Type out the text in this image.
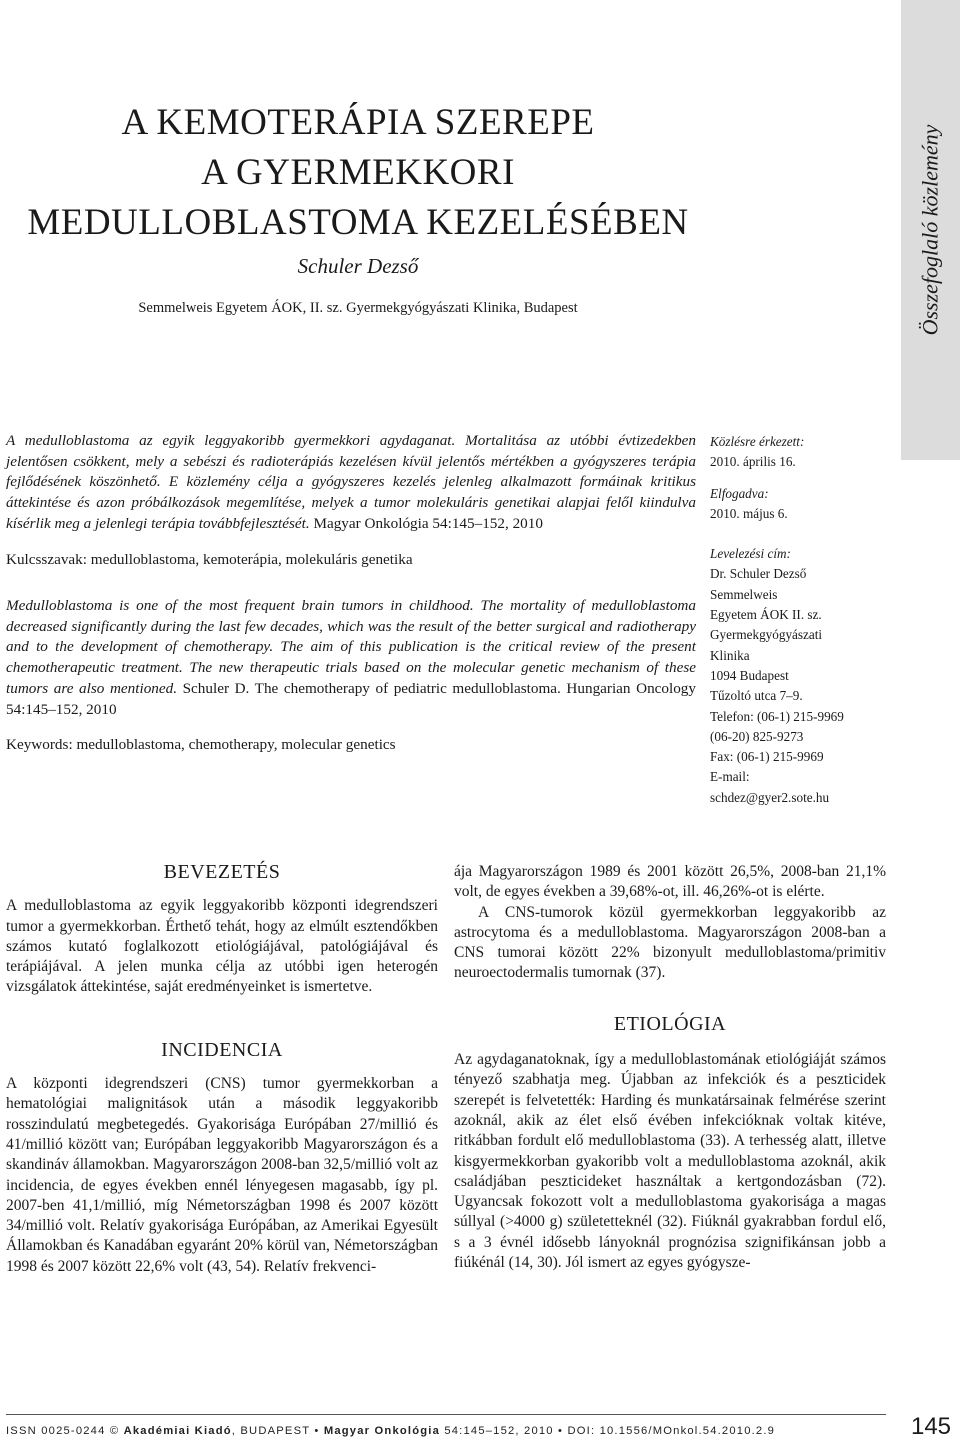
Összefoglaló közlemény
A KEMOTERÁPIA SZEREPE
A GYERMEKKORI
MEDULLOBLASTOMA KEZELÉSÉBEN
Schuler Dezső
Semmelweis Egyetem ÁOK, II. sz. Gyermekgyógyászati Klinika, Budapest
A medulloblastoma az egyik leggyakoribb gyermekkori agydaganat. Mortalitása az utóbbi évtizedekben jelentősen csökkent, mely a sebészi és radioterápiás kezelésen kívül jelentős mértékben a gyógyszeres terápia fejlődésének köszönhető. E közlemény célja a gyógyszeres kezelés jelenleg alkalmazott formáinak kritikus áttekintése és azon próbálkozások megemlítése, melyek a tumor molekuláris genetikai alapjai felől kiindulva kísérlik meg a jelenlegi terápia továbbfejlesztését. Magyar Onkológia 54:145–152, 2010
Kulcsszavak: medulloblastoma, kemoterápia, molekuláris genetika
Medulloblastoma is one of the most frequent brain tumors in childhood. The mortality of medulloblastoma decreased significantly during the last few decades, which was the result of the better surgical and radiotherapy and to the development of chemotherapy. The aim of this publication is the critical review of the present chemotherapeutic treatment. The new therapeutic trials based on the molecular genetic mechanism of these tumors are also mentioned. Schuler D. The chemotherapy of pediatric medulloblastoma. Hungarian Oncology 54:145–152, 2010
Keywords: medulloblastoma, chemotherapy, molecular genetics
Közlésre érkezett:
2010. április 16.
Elfogadva:
2010. május 6.
Levelezési cím:
Dr. Schuler Dezső
Semmelweis
Egyetem ÁOK II. sz.
Gyermekgyógyászati
Klinika
1094 Budapest
Tűzoltó utca 7–9.
Telefon: (06-1) 215-9969
(06-20) 825-9273
Fax: (06-1) 215-9969
E-mail:
schdez@gyer2.sote.hu
BEVEZETÉS

A medulloblastoma az egyik leggyakoribb központi idegrendszeri tumor a gyermekkorban. Érthető tehát, hogy az elmúlt esztendőkben számos kutató foglalkozott etiológiájával, patológiájával és terápiájával. A jelen munka célja az utóbbi igen heterogén vizsgálatok áttekintése, saját eredményeinket is ismertetve.

INCIDENCIA

A központi idegrendszeri (CNS) tumor gyermekkorban a hematológiai malignitások után a második leggyakoribb rosszindulatú megbetegedés. Gyakorisága Európában 27/millió és 41/millió között van; Európában leggyakoribb Magyarországon és a skandináv államokban. Magyarországon 2008-ban 32,5/millió volt az incidencia, de egyes években ennél lényegesen magasabb, így pl. 2007-ben 41,1/millió, míg Németországban 1998 és 2007 között 34/millió volt. Relatív gyakorisága Európában, az Amerikai Egyesült Államokban és Kanadában egyaránt 20% körül van, Németországban 1998 és 2007 között 22,6% volt (43, 54). Relatív frekvenci-

ája Magyarországon 1989 és 2001 között 26,5%, 2008-ban 21,1% volt, de egyes években a 39,68%-ot, ill. 46,26%-ot is elérte.

A CNS-tumorok közül gyermekkorban leggyakoribb az astrocytoma és a medulloblastoma. Magyarországon 2008-ban a CNS tumorai között 22% bizonyult medulloblastoma/primitiv neuroectodermalis tumornak (37).

ETIOLÓGIA

Az agydaganatoknak, így a medulloblastomának etiológiáját számos tényező szabhatja meg. Újabban az infekciók és a peszticidek szerepét is felvetették: Harding és munkatársainak felmérése szerint azoknál, akik az élet első évében infekcióknak voltak kitéve, ritkábban fordult elő medulloblastoma (33). A terhesség alatt, illetve kisgyermekkorban gyakoribb volt a medulloblastoma azoknál, akik családjában peszticideket használtak a kertgondozásban (72). Ugyancsak fokozott volt a medulloblastoma gyakorisága a magas súllyal (>4000 g) születetteknél (32). Fiúknál gyakrabban fordul elő, s a 3 évnél idősebb lányoknál prognózisa szignifikánsan jobb a fiúkénál (14, 30). Jól ismert az egyes gyógysze-

ISSN 0025-0244 © Akadémiai Kiadó, BUDAPEST • Magyar Onkológia 54:145–152, 2010 • DOI: 10.1556/MOnkol.54.2010.2.9	145
